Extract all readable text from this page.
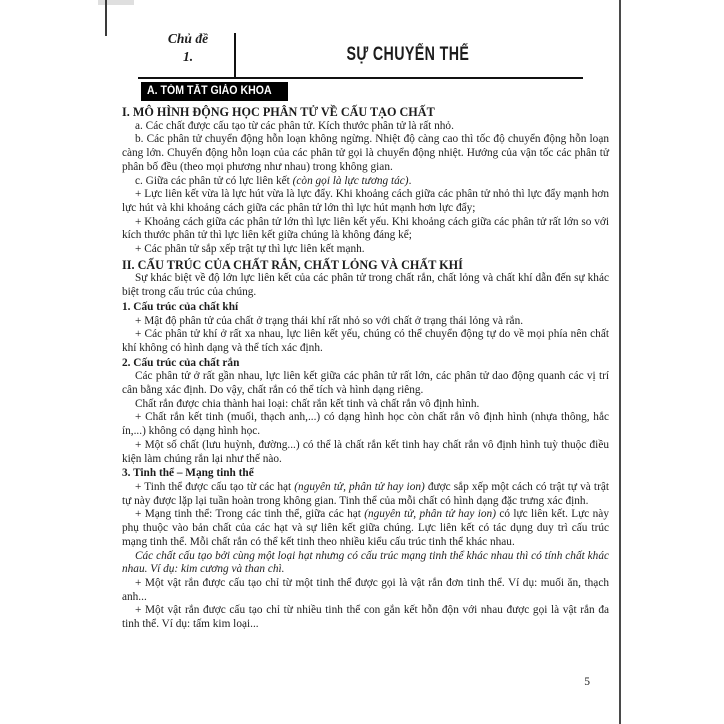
Chủ đề
1.	SỰ CHUYỂN THỂ
A. TÓM TẮT GIÁO KHOA

I. MÔ HÌNH ĐỘNG HỌC PHÂN TỬ VỀ CẤU TẠO CHẤT

a. Các chất được cấu tạo từ các phân tử. Kích thước phân tử là rất nhỏ.

b. Các phân tử chuyển động hỗn loạn không ngừng. Nhiệt độ càng cao thì tốc độ chuyển động hỗn loạn càng lớn. Chuyển động hỗn loạn của các phân tử gọi là chuyển động nhiệt. Hướng của vận tốc các phân tử phân bố đều (theo mọi phương như nhau) trong không gian.

c. Giữa các phân tử có lực liên kết (còn gọi là lực tương tác).

+ Lực liên kết vừa là lực hút vừa là lực đẩy. Khi khoảng cách giữa các phân tử nhỏ thì lực đẩy mạnh hơn lực hút và khi khoảng cách giữa các phân tử lớn thì lực hút mạnh hơn lực đẩy;

+ Khoảng cách giữa các phân tử lớn thì lực liên kết yếu. Khi khoảng cách giữa các phân tử rất lớn so với kích thước phân tử thì lực liên kết giữa chúng là không đáng kể;

+ Các phân tử sắp xếp trật tự thì lực liên kết mạnh.

II. CẤU TRÚC CỦA CHẤT RẮN, CHẤT LỎNG VÀ CHẤT KHÍ

Sự khác biệt về độ lớn lực liên kết của các phân tử trong chất rắn, chất lỏng và chất khí dẫn đến sự khác biệt trong cấu trúc của chúng.

1. Cấu trúc của chất khí

+ Mật độ phân tử của chất ở trạng thái khí rất nhỏ so với chất ở trạng thái lỏng và rắn.

+ Các phân tử khí ở rất xa nhau, lực liên kết yếu, chúng có thể chuyển động tự do về mọi phía nên chất khí không có hình dạng và thể tích xác định.

2. Cấu trúc của chất rắn

Các phân tử ở rất gần nhau, lực liên kết giữa các phân tử rất lớn, các phân tử dao động quanh các vị trí cân bằng xác định. Do vậy, chất rắn có thể tích và hình dạng riêng.

Chất rắn được chia thành hai loại: chất rắn kết tinh và chất rắn vô định hình.

+ Chất rắn kết tinh (muối, thạch anh,...) có dạng hình học còn chất rắn vô định hình (nhựa thông, hắc ín,...) không có dạng hình học.

+ Một số chất (lưu huỳnh, đường...) có thể là chất rắn kết tinh hay chất rắn vô định hình tuỳ thuộc điều kiện làm chúng rắn lại như thế nào.

3. Tinh thể – Mạng tinh thể

+ Tinh thể được cấu tạo từ các hạt (nguyên tử, phân tử hay ion) được sắp xếp một cách có trật tự và trật tự này được lặp lại tuần hoàn trong không gian. Tinh thể của mỗi chất có hình dạng đặc trưng xác định.

+ Mạng tinh thể: Trong các tinh thể, giữa các hạt (nguyên tử, phân tử hay ion) có lực liên kết. Lực này phụ thuộc vào bản chất của các hạt và sự liên kết giữa chúng. Lực liên kết có tác dụng duy trì cấu trúc mạng tinh thể. Mỗi chất rắn có thể kết tinh theo nhiều kiểu cấu trúc tinh thể khác nhau.

Các chất cấu tạo bởi cùng một loại hạt nhưng có cấu trúc mạng tinh thể khác nhau thì có tính chất khác nhau. Ví dụ: kim cương và than chì.

+ Một vật rắn được cấu tạo chỉ từ một tinh thể được gọi là vật rắn đơn tinh thể. Ví dụ: muối ăn, thạch anh...

+ Một vật rắn được cấu tạo chỉ từ nhiều tinh thể con gắn kết hỗn độn với nhau được gọi là vật rắn đa tinh thể. Ví dụ: tấm kim loại...

5
